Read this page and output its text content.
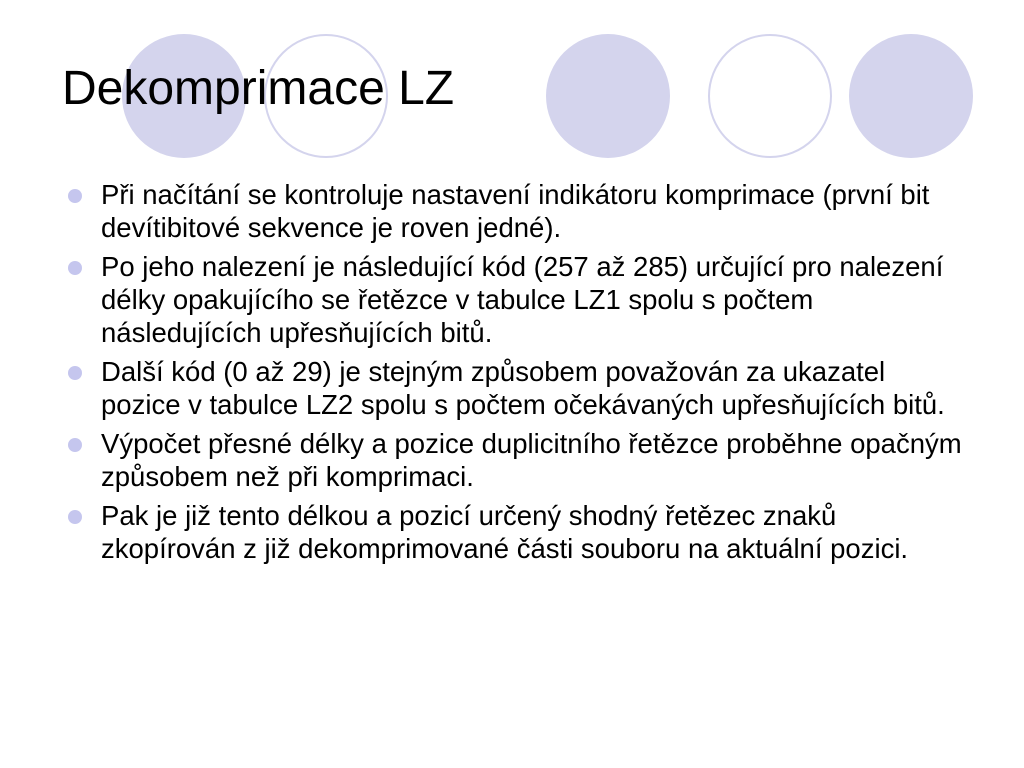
Dekomprimace LZ
Při načítání se kontroluje nastavení indikátoru komprimace (první bit devítibitové sekvence je roven jedné).
Po jeho nalezení je následující kód (257 až 285) určující pro nalezení délky opakujícího se řetězce v tabulce LZ1 spolu s počtem následujících upřesňujících bitů.
Další kód (0 až 29) je stejným způsobem považován za ukazatel pozice v tabulce LZ2 spolu s počtem očekávaných upřesňujících bitů.
Výpočet přesné délky a pozice duplicitního řetězce proběhne opačným způsobem než při komprimaci.
Pak je již tento délkou a pozicí určený shodný řetězec znaků zkopírován z již dekomprimované části souboru na aktuální pozici.
